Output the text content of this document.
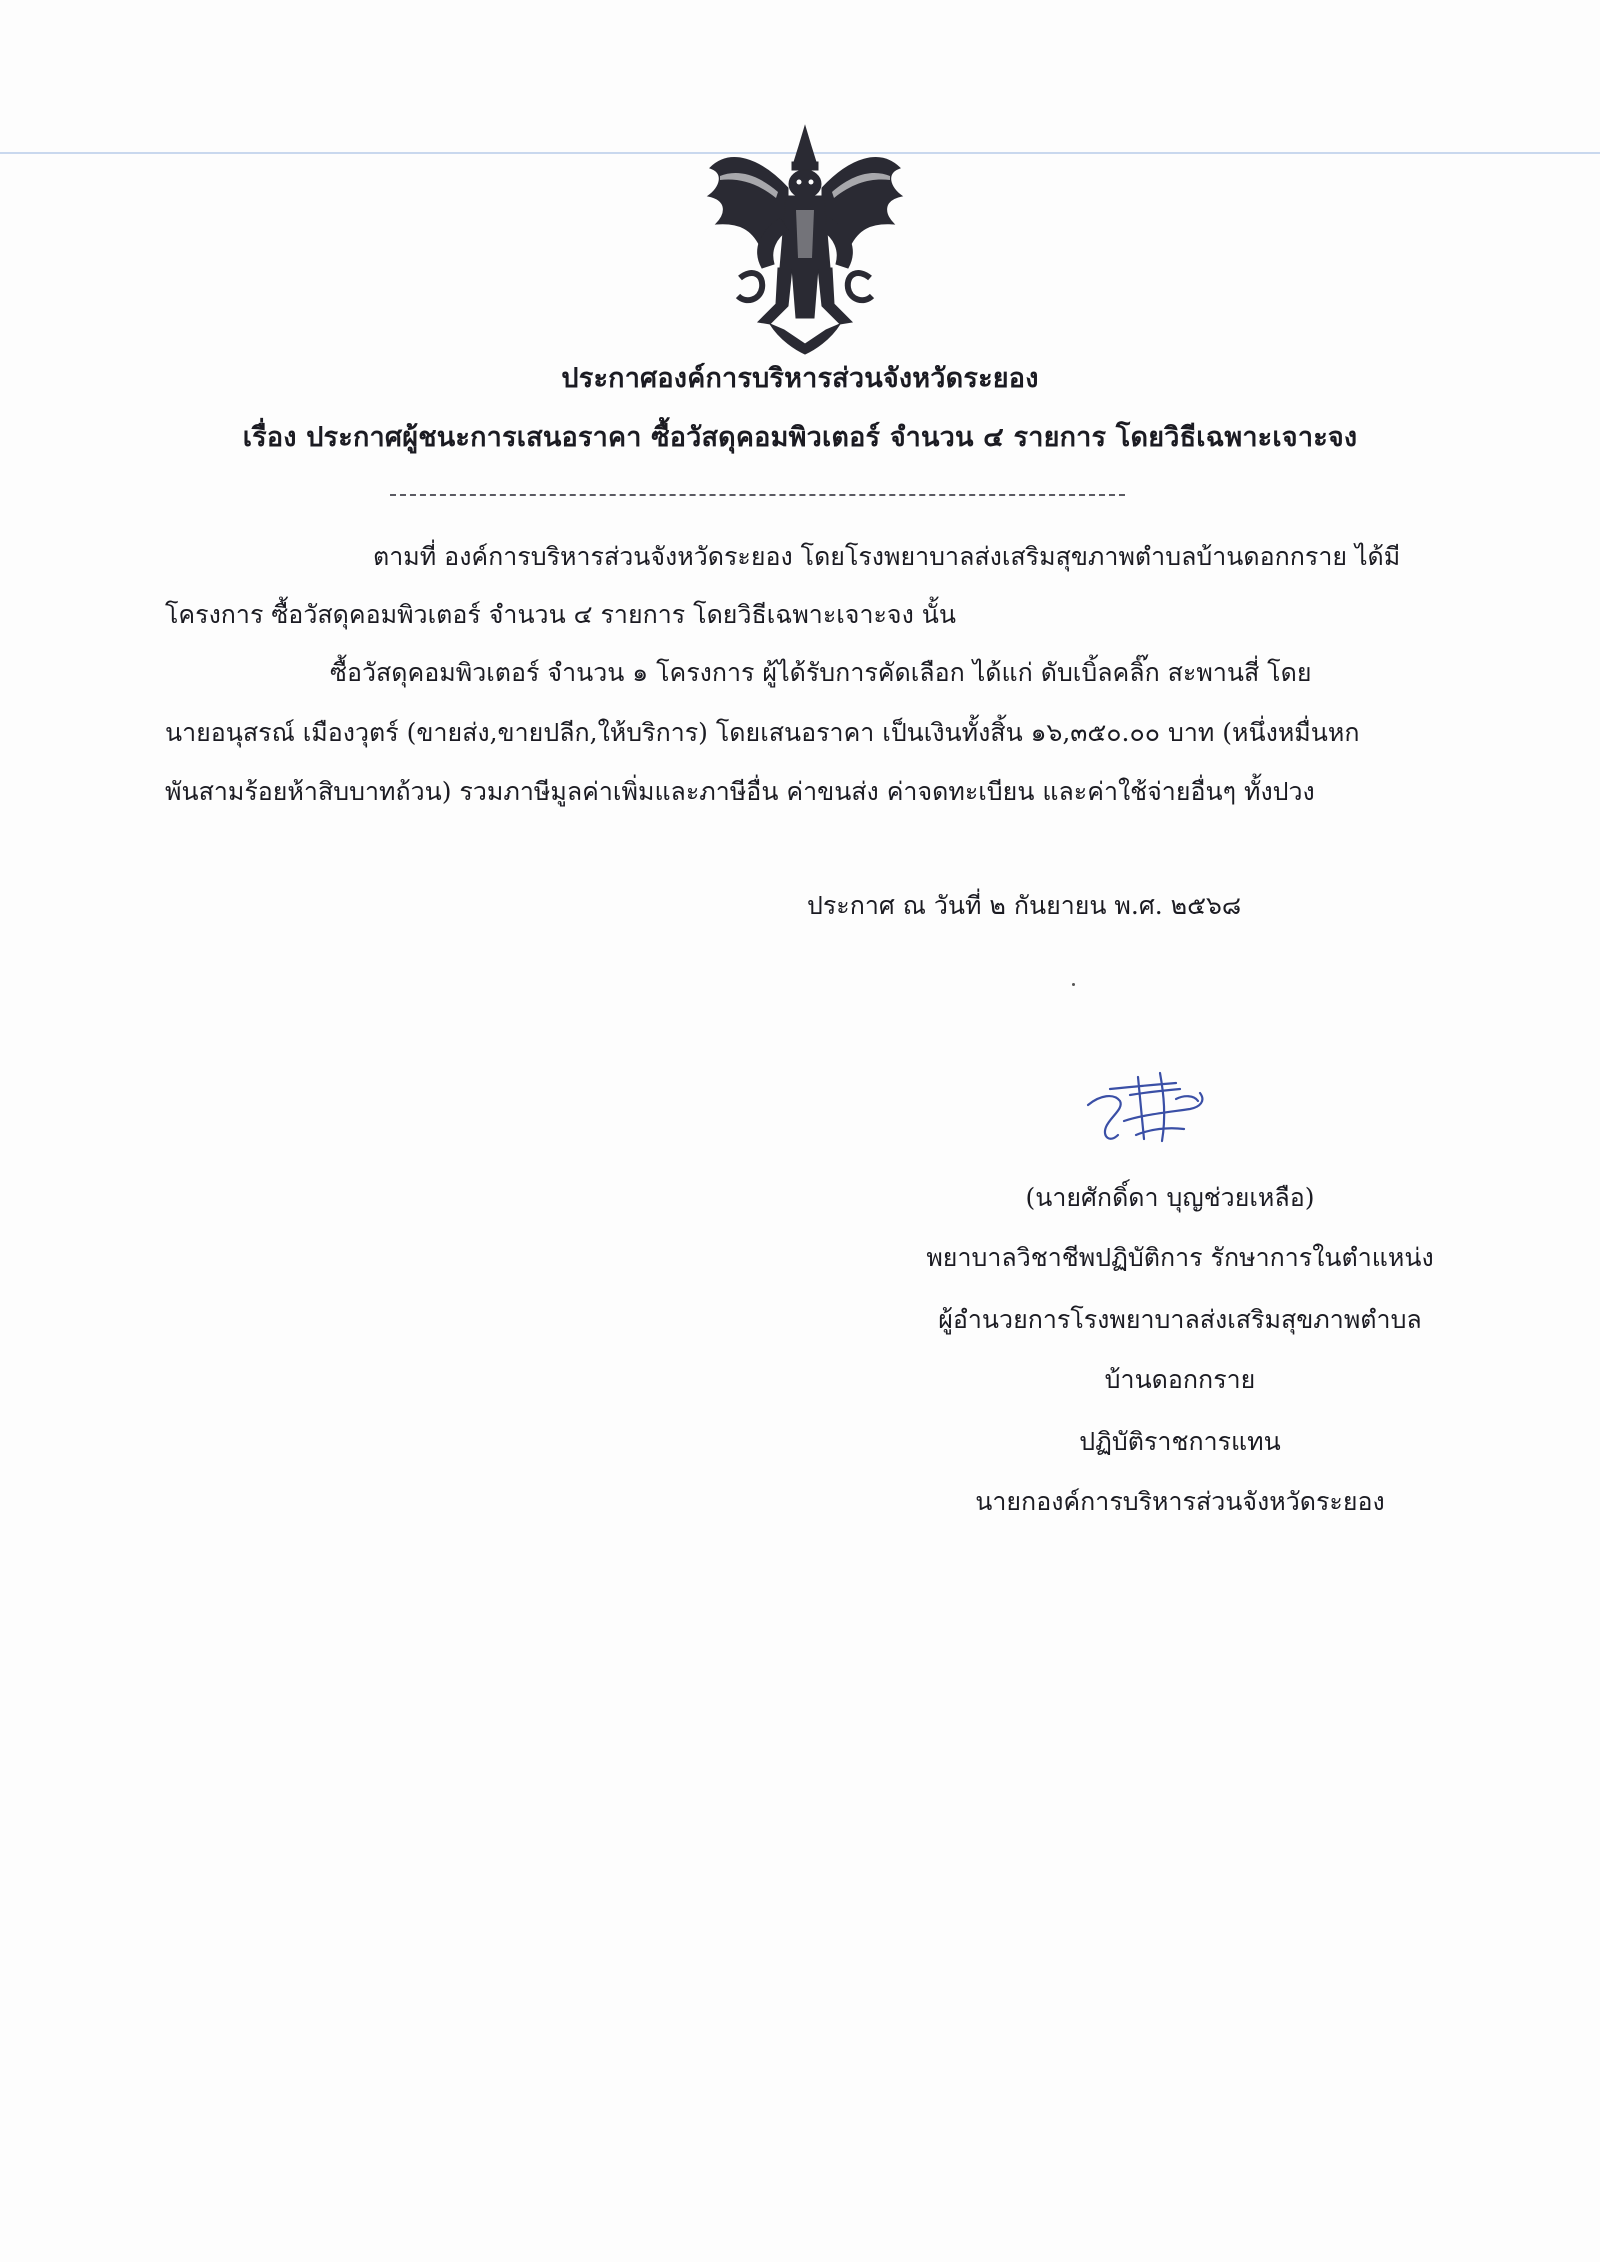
ประกาศองค์การบริหารส่วนจังหวัดระยอง
เรื่อง ประกาศผู้ชนะการเสนอราคา ซื้อวัสดุคอมพิวเตอร์ จำนวน ๔ รายการ โดยวิธีเฉพาะเจาะจง
ตามที่ องค์การบริหารส่วนจังหวัดระยอง โดยโรงพยาบาลส่งเสริมสุขภาพตำบลบ้านดอกกราย ได้มี
โครงการ ซื้อวัสดุคอมพิวเตอร์ จำนวน ๔ รายการ โดยวิธีเฉพาะเจาะจง นั้น
ซื้อวัสดุคอมพิวเตอร์ จำนวน ๑ โครงการ ผู้ได้รับการคัดเลือก ได้แก่ ดับเบิ้ลคลิ๊ก สะพานสี่ โดย
นายอนุสรณ์ เมืองวุตร์ (ขายส่ง,ขายปลีก,ให้บริการ) โดยเสนอราคา เป็นเงินทั้งสิ้น ๑๖,๓๕๐.๐๐ บาท (หนึ่งหมื่นหก
พันสามร้อยห้าสิบบาทถ้วน) รวมภาษีมูลค่าเพิ่มและภาษีอื่น ค่าขนส่ง ค่าจดทะเบียน และค่าใช้จ่ายอื่นๆ ทั้งปวง
ประกาศ ณ วันที่ ๒ กันยายน พ.ศ. ๒๕๖๘
(นายศักดิ์ดา บุญช่วยเหลือ)
พยาบาลวิชาชีพปฏิบัติการ รักษาการในตำแหน่ง
ผู้อำนวยการโรงพยาบาลส่งเสริมสุขภาพตำบล
บ้านดอกกราย
ปฏิบัติราชการแทน
นายกองค์การบริหารส่วนจังหวัดระยอง
